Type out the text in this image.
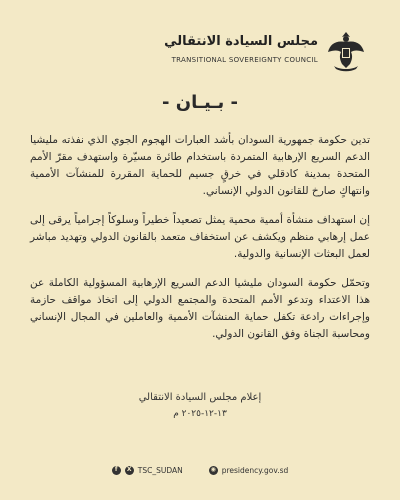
مجلس السيادة الانتقالي
TRANSITIONAL SOVEREIGNTY COUNCIL
- بـيـان -

تدين حكومة جمهورية السودان بأشد العبارات الهجوم الجوي الذي نفذته مليشيا الدعم السريع الإرهابية المتمردة باستخدام طائرة مسيّرة واستهدف مقرّ الأمم المتحدة بمدينة كادقلي في خرقٍ جسيم للحماية المقررة للمنشآت الأممية وانتهاكٍ صارخ للقانون الدولي الإنساني.

إن استهداف منشأة أممية محمية يمثل تصعيداً خطيراً وسلوكاً إجرامياً يرقى إلى عمل إرهابي منظم ويكشف عن استخفاف متعمد بالقانون الدولي وتهديد مباشر لعمل البعثات الإنسانية والدولية.

وتحمّل حكومة السودان مليشيا الدعم السريع الإرهابية المسؤولية الكاملة عن هذا الاعتداء وتدعو الأمم المتحدة والمجتمع الدولي إلى اتخاذ مواقف حازمة وإجراءات رادعة تكفل حماية المنشآت الأممية والعاملين في المجال الإنساني ومحاسبة الجناة وفق القانون الدولي.

إعلام مجلس السيادة الانتقالي
١٣-١٢-٢٠٢٥ م
f	X TSC_SUDAN	◉ presidency.gov.sd
